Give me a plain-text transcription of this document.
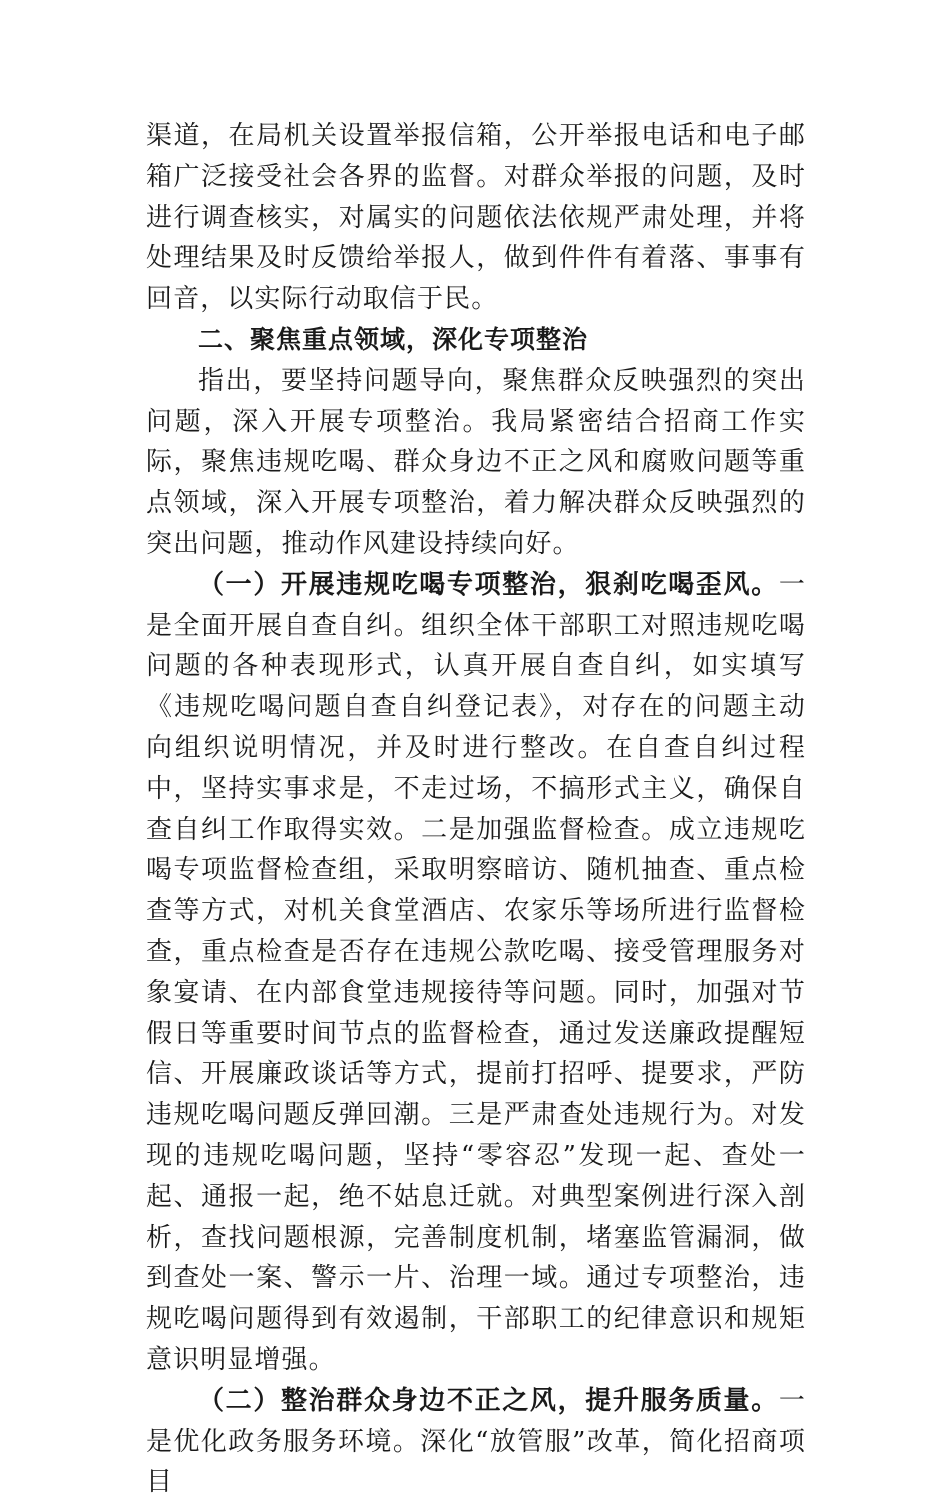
渠道，在局机关设置举报信箱，公开举报电话和电子邮箱广泛接受社会各界的监督。对群众举报的问题，及时进行调查核实，对属实的问题依法依规严肃处理，并将处理结果及时反馈给举报人，做到件件有着落、事事有回音，以实际行动取信于民。

二、聚焦重点领域，深化专项整治

指出，要坚持问题导向，聚焦群众反映强烈的突出问题，深入开展专项整治。我局紧密结合招商工作实际，聚焦违规吃喝、群众身边不正之风和腐败问题等重点领域，深入开展专项整治，着力解决群众反映强烈的突出问题，推动作风建设持续向好。

（一）开展违规吃喝专项整治，狠刹吃喝歪风。一是全面开展自查自纠。组织全体干部职工对照违规吃喝问题的各种表现形式，认真开展自查自纠，如实填写《违规吃喝问题自查自纠登记表》，对存在的问题主动向组织说明情况，并及时进行整改。在自查自纠过程中，坚持实事求是，不走过场，不搞形式主义，确保自查自纠工作取得实效。二是加强监督检查。成立违规吃喝专项监督检查组，采取明察暗访、随机抽查、重点检查等方式，对机关食堂酒店、农家乐等场所进行监督检查，重点检查是否存在违规公款吃喝、接受管理服务对象宴请、在内部食堂违规接待等问题。同时，加强对节假日等重要时间节点的监督检查，通过发送廉政提醒短信、开展廉政谈话等方式，提前打招呼、提要求，严防违规吃喝问题反弹回潮。三是严肃查处违规行为。对发现的违规吃喝问题，坚持“零容忍”发现一起、查处一起、通报一起，绝不姑息迁就。对典型案例进行深入剖析，查找问题根源，完善制度机制，堵塞监管漏洞，做到查处一案、警示一片、治理一域。通过专项整治，违规吃喝问题得到有效遏制，干部职工的纪律意识和规矩意识明显增强。

（二）整治群众身边不正之风，提升服务质量。一是优化政务服务环境。深化“放管服”改革，简化招商项目
